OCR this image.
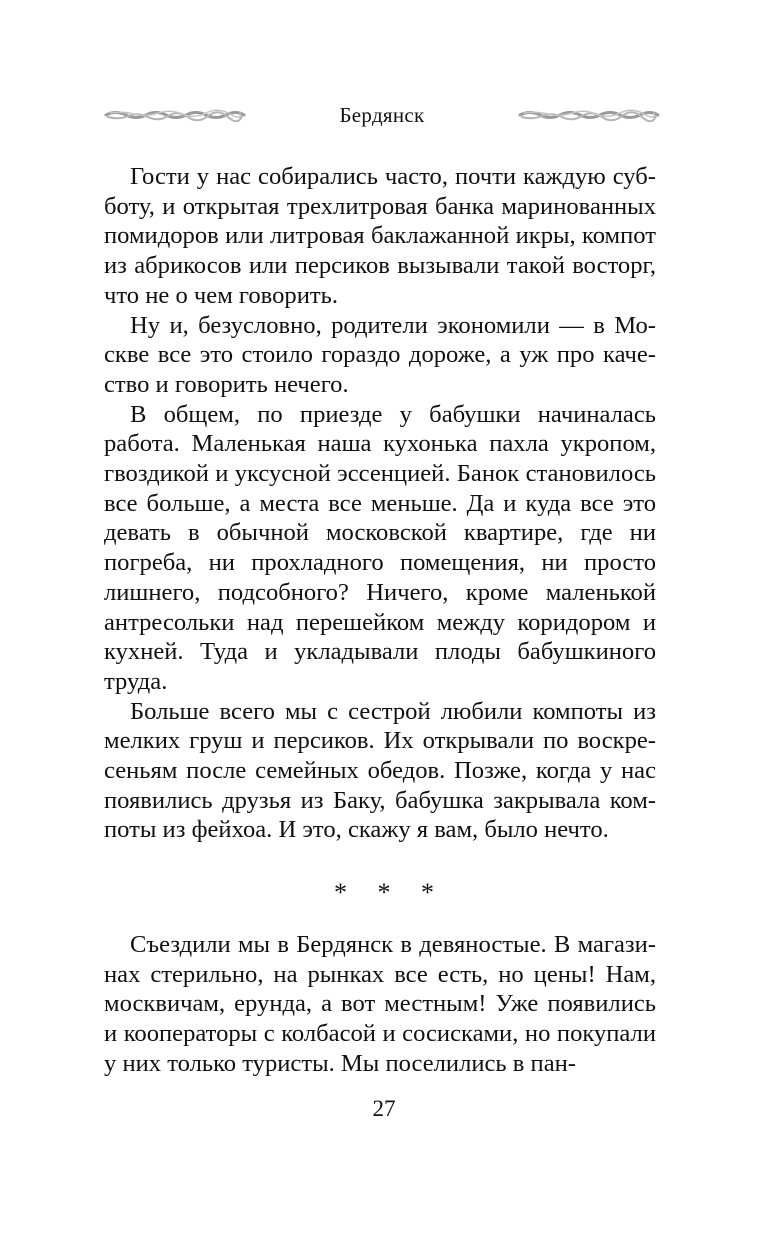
Бердянск

Гости у нас собирались часто, почти каждую субботу, и открытая трехлитровая банка маринованных помидоров или литровая баклажанной икры, компот из абрикосов или персиков вызывали такой восторг, что не о чем говорить.

Ну и, безусловно, родители экономили — в Москве все это стоило гораздо дороже, а уж про качество и говорить нечего.

В общем, по приезде у бабушки начиналась работа. Маленькая наша кухонька пахла укропом, гвоздикой и уксусной эссенцией. Банок становилось все больше, а места все меньше. Да и куда все это девать в обычной московской квартире, где ни погреба, ни прохладного помещения, ни просто лишнего, подсобного? Ничего, кроме маленькой антресольки над перешейком между коридором и кухней. Туда и укладывали плоды бабушкиного труда.

Больше всего мы с сестрой любили компоты из мелких груш и персиков. Их открывали по воскресеньям после семейных обедов. Позже, когда у нас появились друзья из Баку, бабушка закрывала компоты из фейхоа. И это, скажу я вам, было нечто.

* * *

Съездили мы в Бердянск в девяностые. В магазинах стерильно, на рынках все есть, но цены! Нам, москвичам, ерунда, а вот местным! Уже появились и кооператоры с колбасой и сосисками, но покупали у них только туристы. Мы поселились в пан-

27
